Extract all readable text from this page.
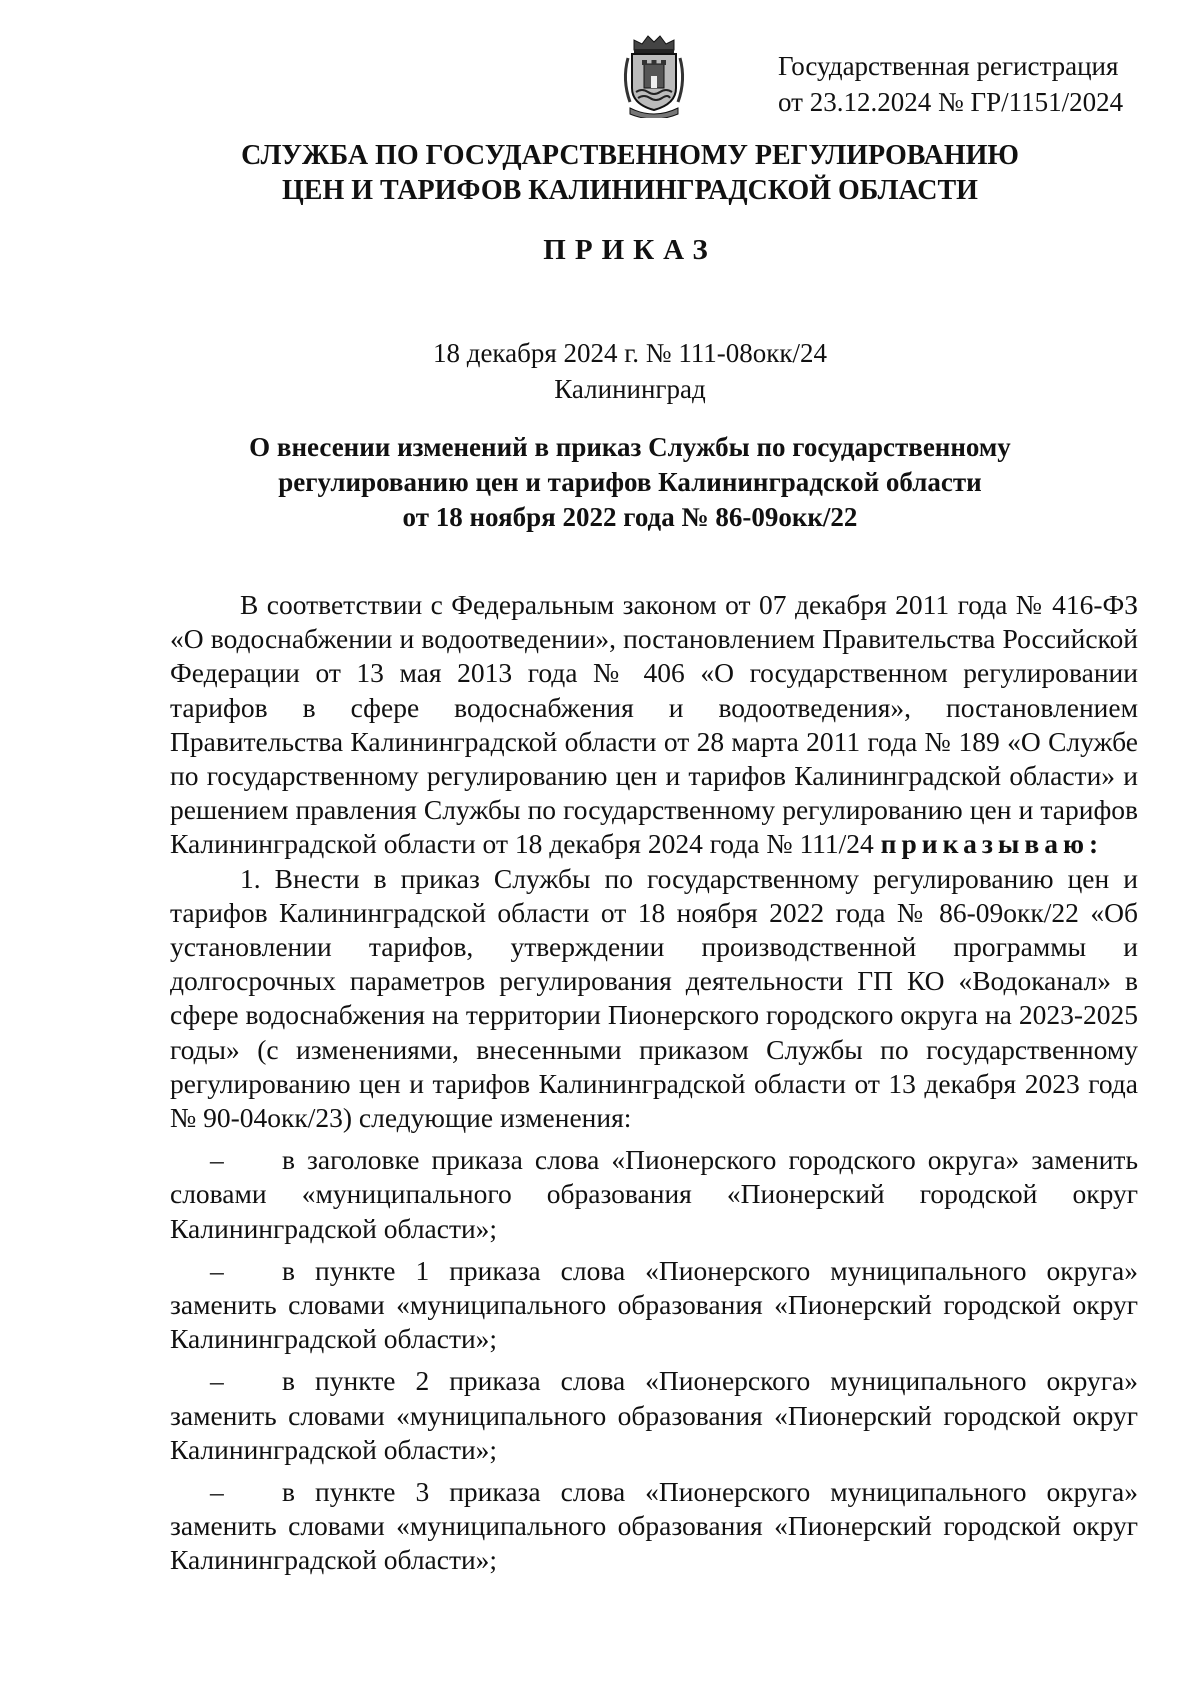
Государственная регистрация
от 23.12.2024 № ГР/1151/2024
СЛУЖБА ПО ГОСУДАРСТВЕННОМУ РЕГУЛИРОВАНИЮ
ЦЕН И ТАРИФОВ КАЛИНИНГРАДСКОЙ ОБЛАСТИ
ПРИКАЗ
18 декабря 2024 г. № 111-08окк/24
Калининград
О внесении изменений в приказ Службы по государственному
регулированию цен и тарифов Калининградской области
от 18 ноября 2022 года № 86-09окк/22

В соответствии с Федеральным законом от 07 декабря 2011 года № 416-ФЗ «О водоснабжении и водоотведении», постановлением Правительства Российской Федерации от 13 мая 2013 года № 406 «О государственном регулировании тарифов в сфере водоснабжения и водоотведения», постановлением Правительства Калининградской области от 28 марта 2011 года № 189 «О Службе по государственному регулированию цен и тарифов Калининградской области» и решением правления Службы по государственному регулированию цен и тарифов Калининградской области от 18 декабря 2024 года № 111/24 приказываю:

1. Внести в приказ Службы по государственному регулированию цен и тарифов Калининградской области от 18 ноября 2022 года № 86-09окк/22 «Об установлении тарифов, утверждении производственной программы и долгосрочных параметров регулирования деятельности ГП КО «Водоканал» в сфере водоснабжения на территории Пионерского городского округа на 2023-2025 годы» (с изменениями, внесенными приказом Службы по государственному регулированию цен и тарифов Калининградской области от 13 декабря 2023 года № 90-04окк/23) следующие изменения:

– в заголовке приказа слова «Пионерского городского округа» заменить словами «муниципального образования «Пионерский городской округ Калининградской области»;

– в пункте 1 приказа слова «Пионерского муниципального округа» заменить словами «муниципального образования «Пионерский городской округ Калининградской области»;

– в пункте 2 приказа слова «Пионерского муниципального округа» заменить словами «муниципального образования «Пионерский городской округ Калининградской области»;

– в пункте 3 приказа слова «Пионерского муниципального округа» заменить словами «муниципального образования «Пионерский городской округ Калининградской области»;
